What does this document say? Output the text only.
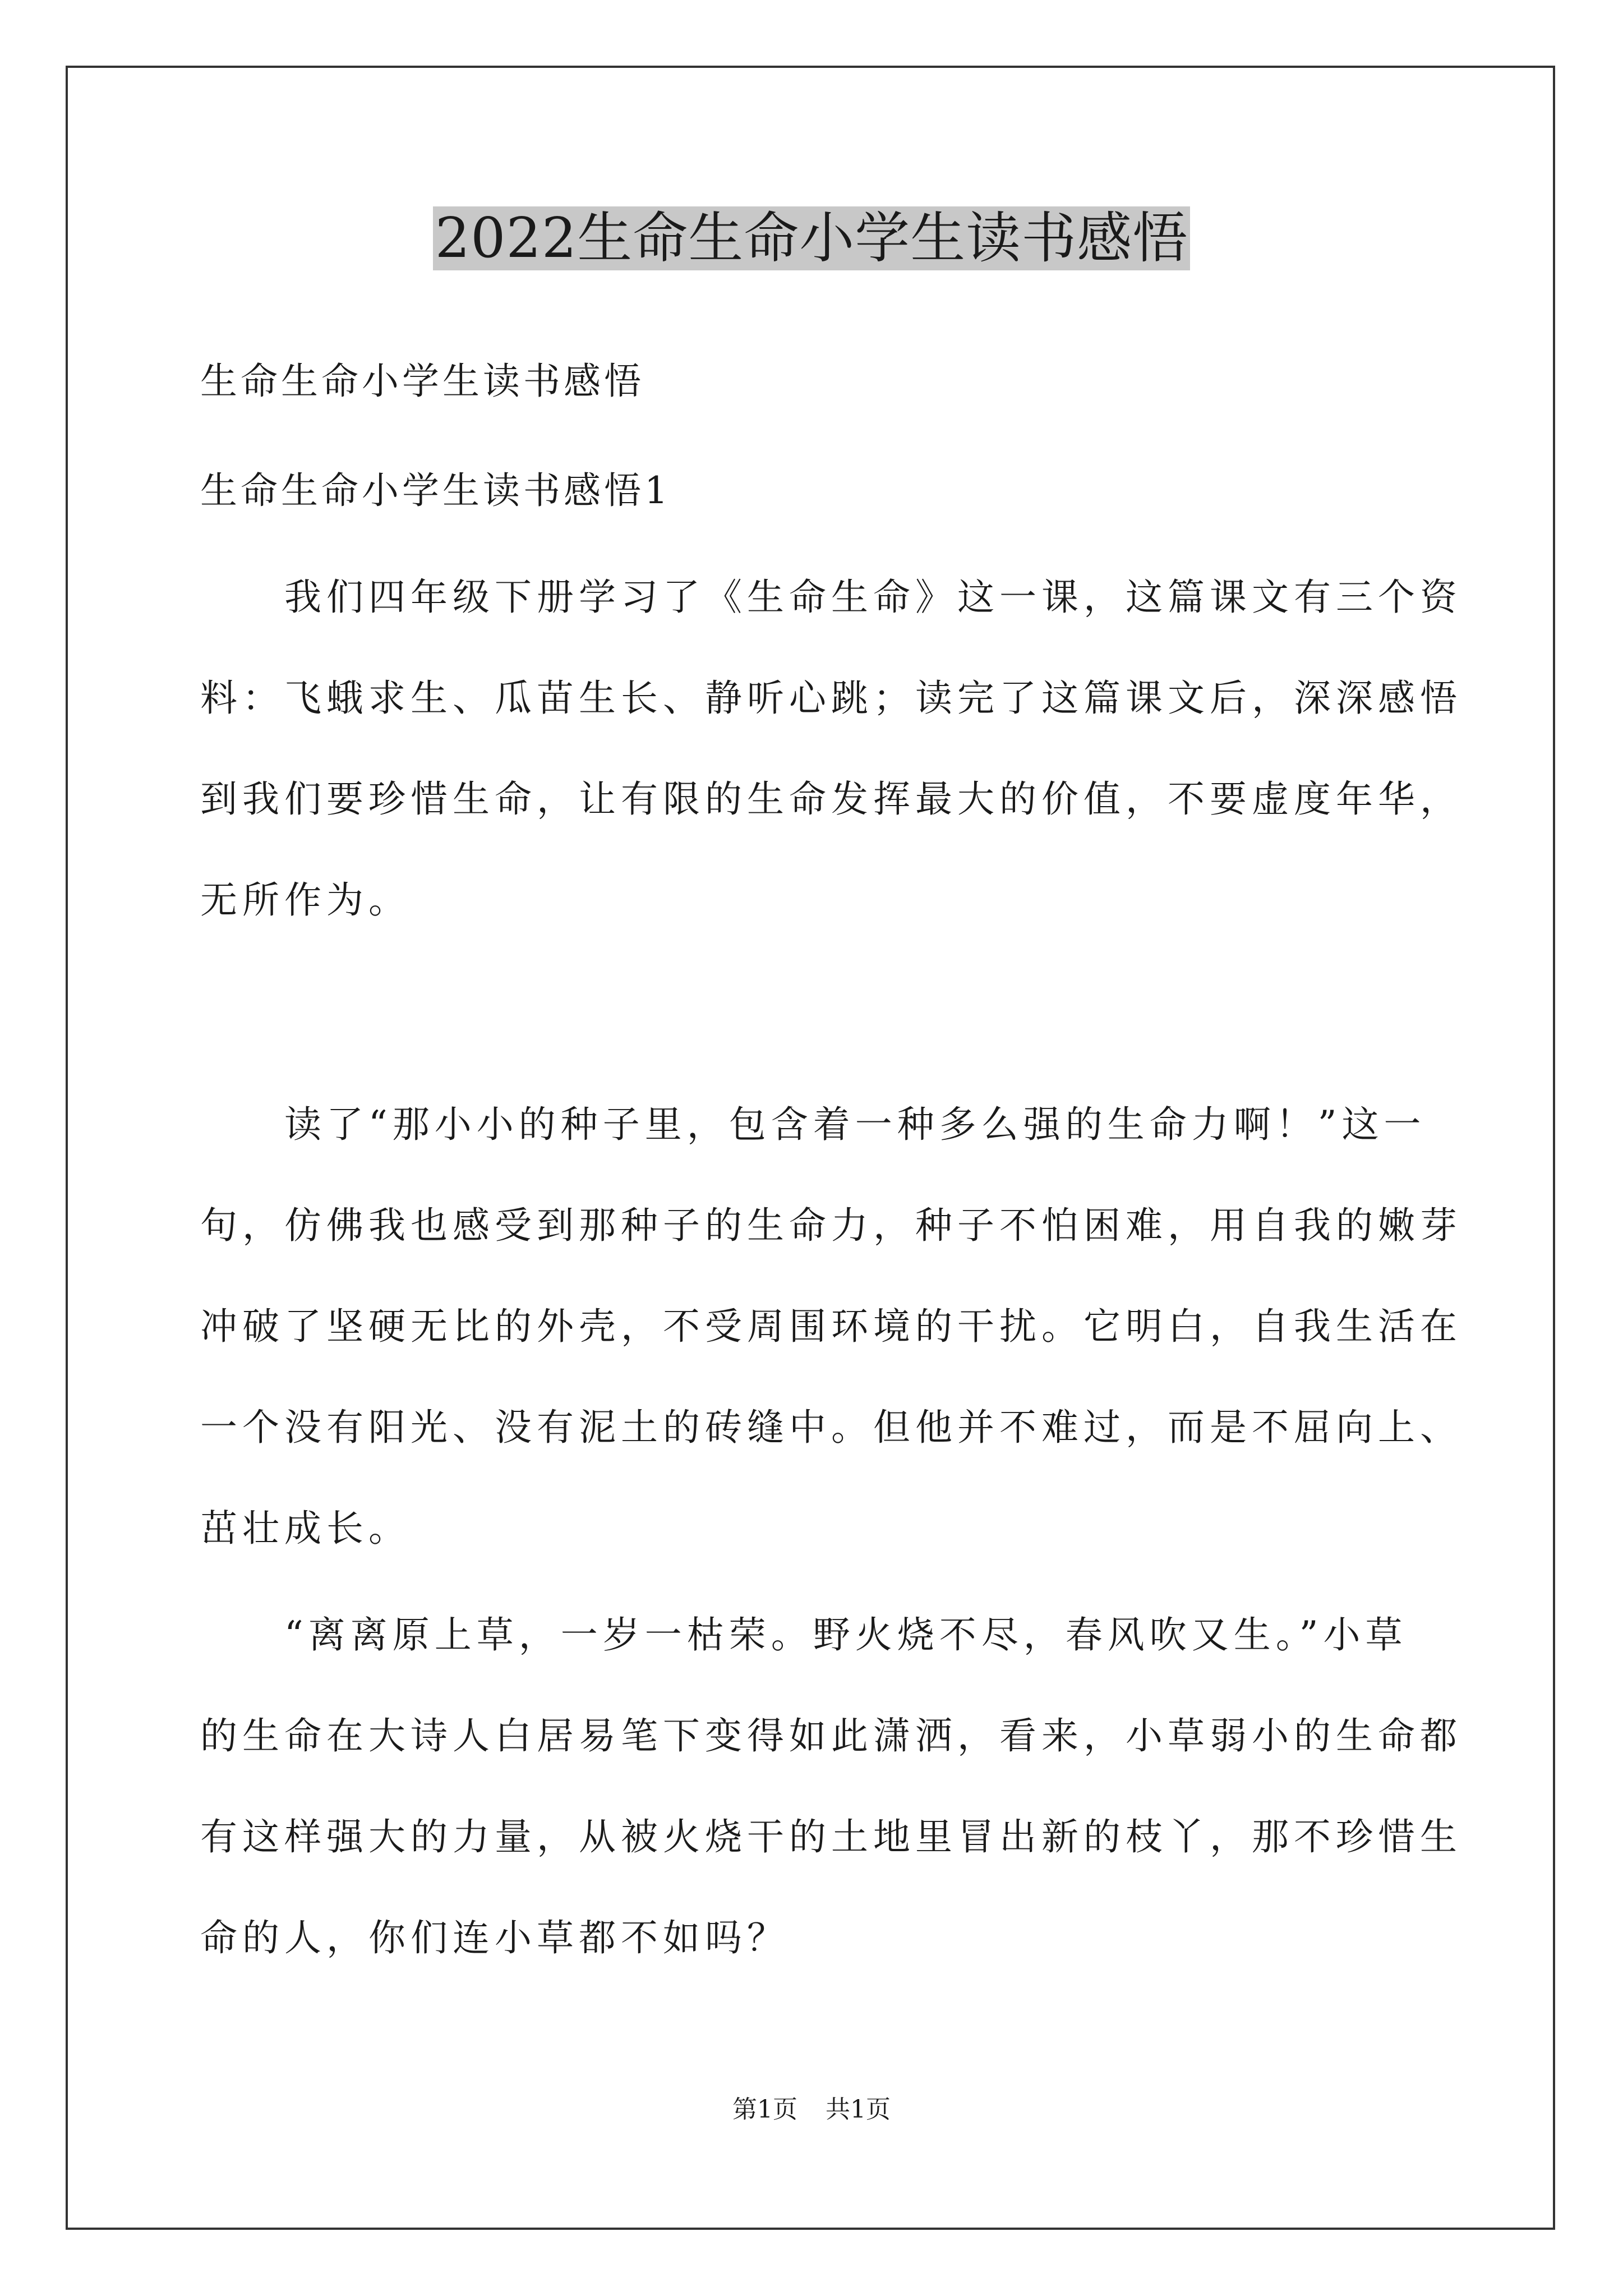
2022生命生命小学生读书感悟
生命生命小学生读书感悟
生命生命小学生读书感悟1
　　我们四年级下册学习了《生命生命》这一课，这篇课文有三个资
料：飞蛾求生、瓜苗生长、静听心跳；读完了这篇课文后，深深感悟
到我们要珍惜生命，让有限的生命发挥最大的价值，不要虚度年华，
无所作为。
　　读了“那小小的种子里，包含着一种多么强的生命力啊！”这一
句，仿佛我也感受到那种子的生命力，种子不怕困难，用自我的嫩芽
冲破了坚硬无比的外壳，不受周围环境的干扰。它明白，自我生活在
一个没有阳光、没有泥土的砖缝中。但他并不难过，而是不屈向上、
茁壮成长。
　　“离离原上草，一岁一枯荣。野火烧不尽，春风吹又生。”小草
的生命在大诗人白居易笔下变得如此潇洒，看来，小草弱小的生命都
有这样强大的力量，从被火烧干的土地里冒出新的枝丫，那不珍惜生
命的人，你们连小草都不如吗？
第1页 共1页
